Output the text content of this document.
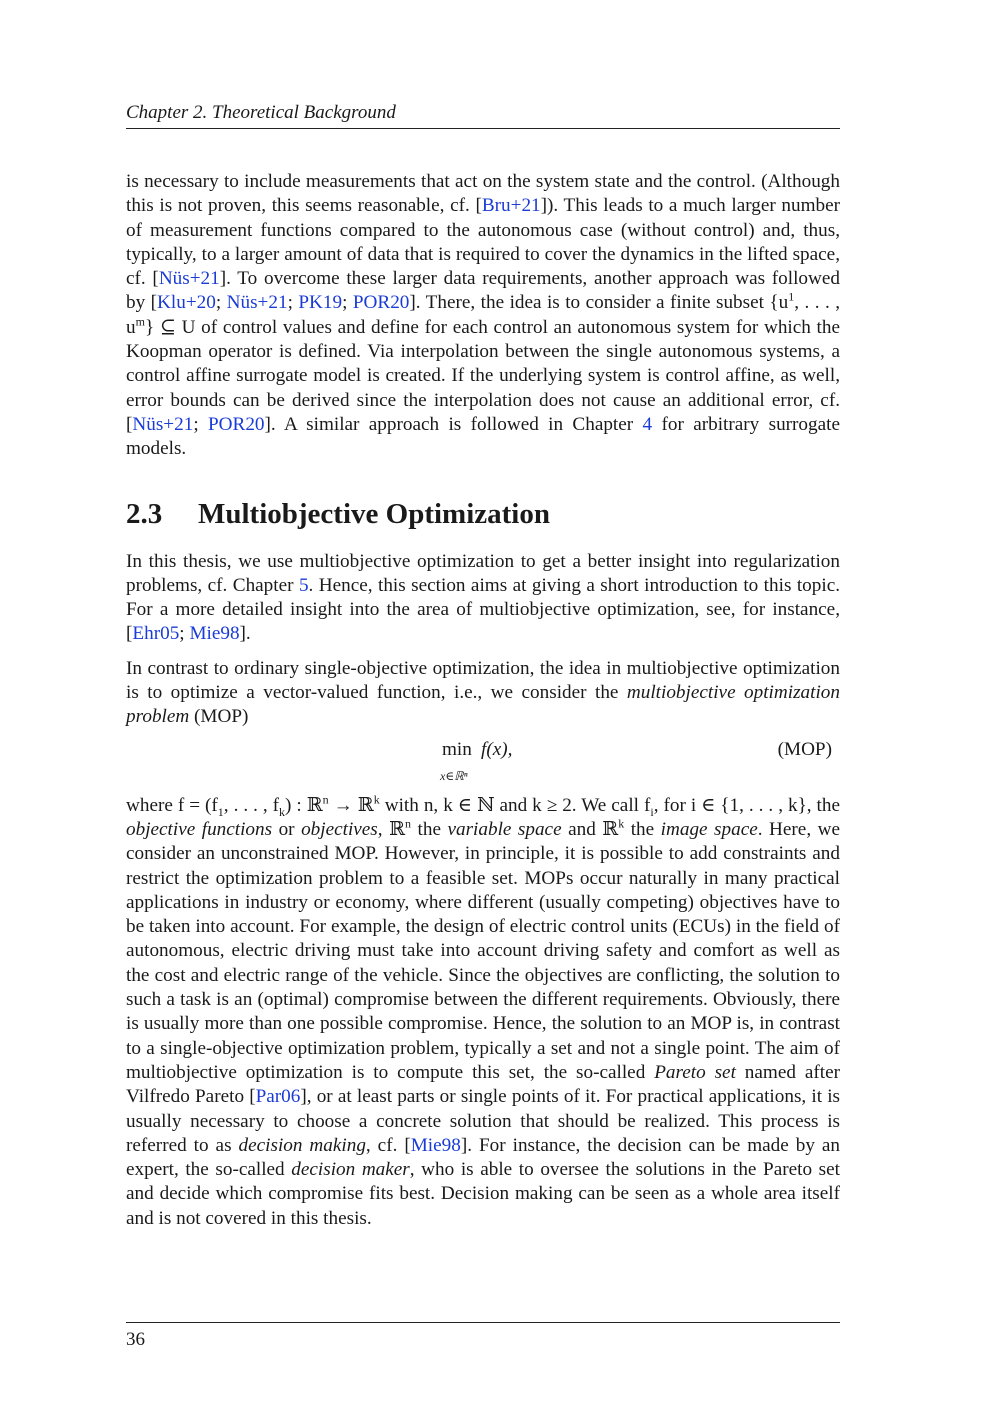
Chapter 2. Theoretical Background

is necessary to include measurements that act on the system state and the control. (Although this is not proven, this seems reasonable, cf. [Bru+21]). This leads to a much larger number of measurement functions compared to the autonomous case (without control) and, thus, typically, to a larger amount of data that is required to cover the dynamics in the lifted space, cf. [Nüs+21]. To overcome these larger data requirements, another approach was followed by [Klu+20; Nüs+21; PK19; POR20]. There, the idea is to consider a finite subset {$u^1$, . . . , $u^m$} ⊆ U of control values and define for each control an autonomous system for which the Koopman operator is defined. Via interpolation between the single autonomous systems, a control affine surrogate model is created. If the underlying system is control affine, as well, error bounds can be derived since the interpolation does not cause an additional error, cf. [Nüs+21; POR20]. A similar approach is followed in Chapter 4 for arbitrary surrogate models.

2.3	Multiobjective Optimization

In this thesis, we use multiobjective optimization to get a better insight into regularization problems, cf. Chapter 5. Hence, this section aims at giving a short introduction to this topic. For a more detailed insight into the area of multiobjective optimization, see, for instance, [Ehr05; Mie98].

In contrast to ordinary single-objective optimization, the idea in multiobjective optimization is to optimize a vector-valued function, i.e., we consider the multiobjective optimization problem (MOP)

min
x∈ℝⁿ
f(x),	(MOP)

where $f = (f_1$, . . . , $f_k$) : ℝ$^n$ → ℝ$^k$ with n, k ∈ ℕ and k ≥ 2. We call $f_i$, for i ∈ {1, . . . , k}, the objective functions or objectives, ℝ$^n$ the variable space and ℝ$^k$ the image space. Here, we consider an unconstrained MOP. However, in principle, it is possible to add constraints and restrict the optimization problem to a feasible set. MOPs occur naturally in many practical applications in industry or economy, where different (usually competing) objectives have to be taken into account. For example, the design of electric control units (ECUs) in the field of autonomous, electric driving must take into account driving safety and comfort as well as the cost and electric range of the vehicle. Since the objectives are conflicting, the solution to such a task is an (optimal) compromise between the different requirements. Obviously, there is usually more than one possible compromise. Hence, the solution to an MOP is, in contrast to a single-objective optimization problem, typically a set and not a single point. The aim of multiobjective optimization is to compute this set, the so-called Pareto set named after Vilfredo Pareto [Par06], or at least parts or single points of it. For practical applications, it is usually necessary to choose a concrete solution that should be realized. This process is referred to as decision making, cf. [Mie98]. For instance, the decision can be made by an expert, the so-called decision maker, who is able to oversee the solutions in the Pareto set and decide which compromise fits best. Decision making can be seen as a whole area itself and is not covered in this thesis.

36
